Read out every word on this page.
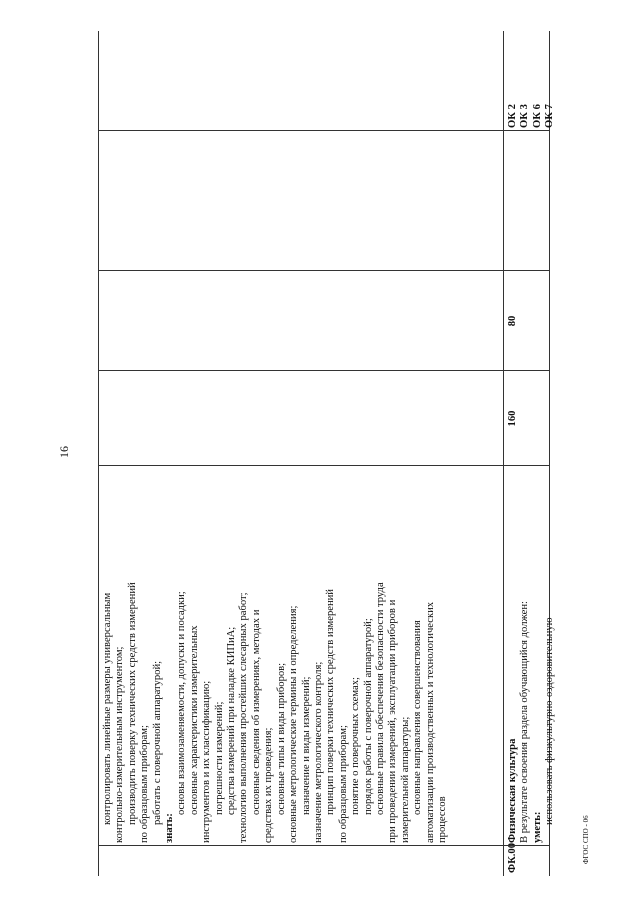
16
контролировать линейные размеры универсальным контрольно-измерительным инструментом; производить поверку технических средств измерений по образцовым приборам; работать с поверочной аппаратурой;
знать:
основы взаимозаменяемости, допуски и посадки; основные характеристики измерительных инструментов и их классификацию; погрешности измерений; средства измерений при наладке КИПиА; технологию выполнения простейших слесарных работ; основные сведения об измерениях, методах и средствах их проведения; основные типы и виды приборов; основные метрологические термины и определения; назначение и виды измерений; назначение метрологического контроля; принцип поверки технических средств измерений по образцовым приборам; понятие о поверочных схемах; порядок работы с поверочной аппаратурой; основные правила обеспечения безопасности труда при проведении измерений, эксплуатации приборов и измерительной аппаратуры; основные направления совершенствования автоматизации производственных и технологических процессов
ФК.00
Физическая культура В результате освоения раздела обучающийся должен: уметь:
использовать физкультурно-оздоровительную
160
80
ОК 2 ОК 3 ОК 6 ОК 7
ФГОС СПО - 06
